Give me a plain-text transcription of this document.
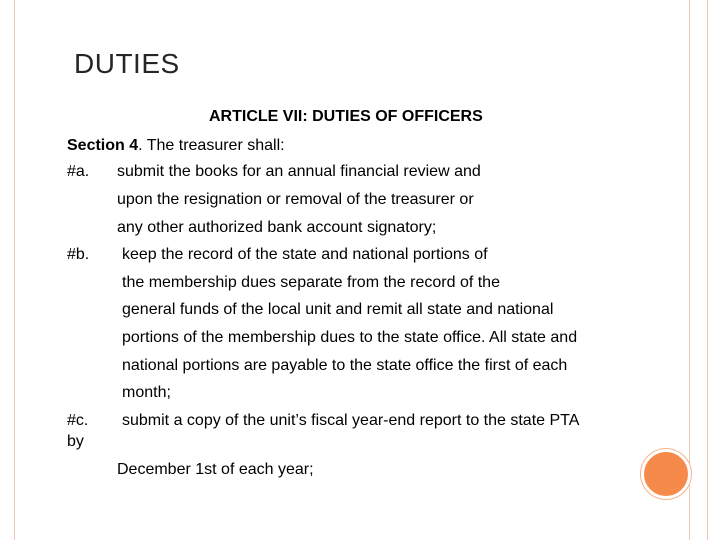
DUTIES
ARTICLE VII: DUTIES OF OFFICERS
Section 4. The treasurer shall:
#a. submit the books for an annual financial review and
upon the resignation or removal of the treasurer or
any other authorized bank account signatory;
#b. keep the record of the state and national portions of
the membership dues separate from the record of the
general funds of the local unit and remit all state and national
portions of the membership dues to the state office. All state and
national portions are payable to the state office the first of each
month;
#c.
by
submit a copy of the unit’s fiscal year-end report to the state PTA
December 1st of each year;
